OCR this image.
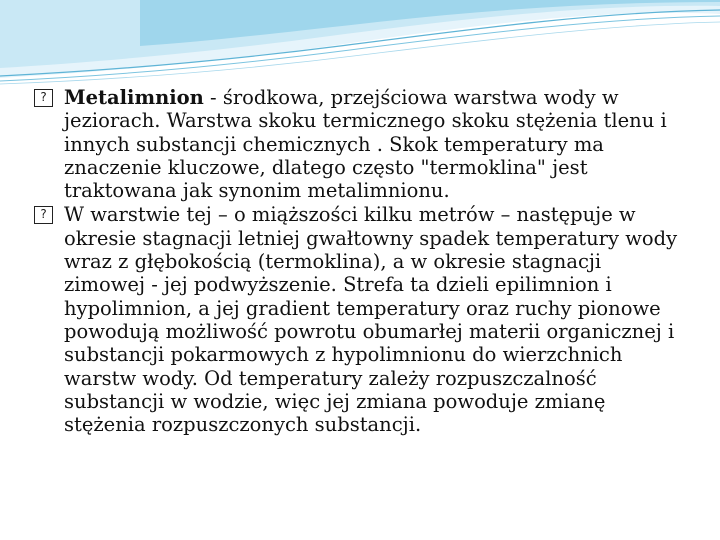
? Metalimnion - środkowa, przejściowa warstwa wody w jeziorach. Warstwa skoku termicznego skoku stężenia tlenu i innych substancji chemicznych . Skok temperatury ma znaczenie kluczowe, dlatego często "termoklina" jest traktowana jak synonim metalimnionu.

? W warstwie tej – o miąższości kilku metrów – następuje w okresie stagnacji letniej gwałtowny spadek temperatury wody wraz z głębokością (termoklina), a w okresie stagnacji zimowej - jej podwyższenie. Strefa ta dzieli epilimnion i hypolimnion, a jej gradient temperatury oraz ruchy pionowe powodują możliwość powrotu obumarłej materii organicznej i substancji pokarmowych z hypolimnionu do wierzchnich warstw wody. Od temperatury zależy rozpuszczalność substancji w wodzie, więc jej zmiana powoduje zmianę stężenia rozpuszczonych substancji.
